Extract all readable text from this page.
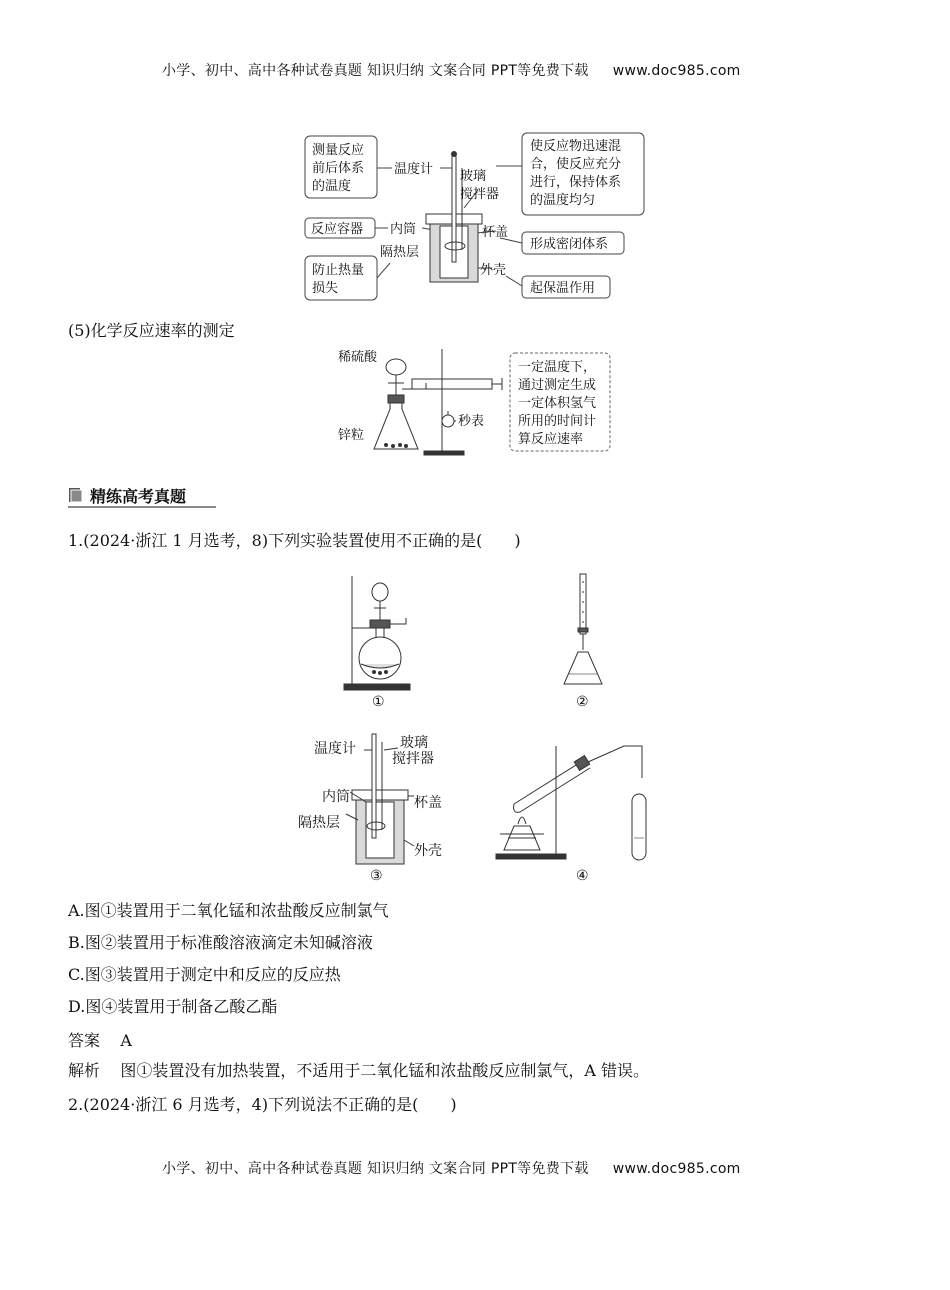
小学、初中、高中各种试卷真题 知识归纳 文案合同 PPT等免费下载 www.doc985.com
测量反应
前后体系
的温度
反应容器
防止热量
损失
使反应物迅速混
合，使反应充分
进行，保持体系
的温度均匀
形成密闭体系
起保温作用
温度计 玻璃
搅拌器
内筒	杯盖
隔热层
外壳
(5)化学反应速率的测定
稀硫酸
锌粒
秒表
一定温度下，
通过测定生成
一定体积氢气
所用的时间计
算反应速率
精练高考真题
1.(2024·浙江 1 月选考，8)下列实验装置使用不正确的是(　　)
①	②
温度计	玻璃
搅拌器
内筒	杯盖
隔热层
外壳
③	④
A.图①装置用于二氧化锰和浓盐酸反应制氯气
B.图②装置用于标准酸溶液滴定未知碱溶液
C.图③装置用于测定中和反应的反应热
D.图④装置用于制备乙酸乙酯
答案 A
解析 图①装置没有加热装置，不适用于二氧化锰和浓盐酸反应制氯气，A 错误。
2.(2024·浙江 6 月选考，4)下列说法不正确的是(　　)
小学、初中、高中各种试卷真题 知识归纳 文案合同 PPT等免费下载 www.doc985.com
